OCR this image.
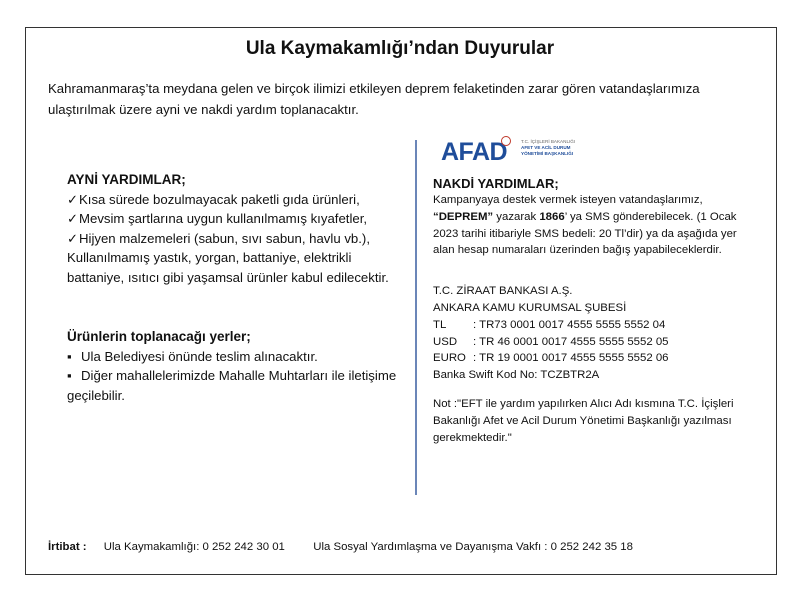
Ula Kaymakamlığı’ndan Duyurular
Kahramanmaraş’ta meydana gelen ve birçok ilimizi etkileyen deprem felaketinden zarar gören vatandaşlarımıza ulaştırılmak üzere ayni ve nakdi yardım toplanacaktır.
AYNİ YARDIMLAR;
✓Kısa sürede bozulmayacak paketli gıda ürünleri,
✓Mevsim şartlarına uygun kullanılmamış kıyafetler,
✓Hijyen malzemeleri (sabun, sıvı sabun, havlu vb.),
Kullanılmamış yastık, yorgan, battaniye, elektrikli battaniye, ısıtıcı gibi yaşamsal ürünler kabul edilecektir.
Ürünlerin toplanacağı yerler;
▪ Ula Belediyesi önünde teslim alınacaktır.
▪ Diğer mahallelerimizde Mahalle Muhtarları ile iletişime geçilebilir.
AFAD	T.C. İÇİŞLERİ BAKANLIĞI
AFET VE ACİL DURUM
YÖNETİMİ BAŞKANLIĞI
NAKDİ YARDIMLAR;
Kampanyaya destek vermek isteyen vatandaşlarımız,
“DEPREM” yazarak 1866’ ya SMS gönderebilecek. (1 Ocak 2023 tarihi itibariyle SMS bedeli: 20 Tl’dir) ya da aşağıda yer alan hesap numaraları üzerinden bağış yapabileceklerdir.
T.C. ZİRAAT BANKASI A.Ş.
ANKARA KAMU KURUMSAL ŞUBESİ
TL : TR73 0001 0017 4555 5555 5552 04
USD : TR 46 0001 0017 4555 5555 5552 05
EURO : TR 19 0001 0017 4555 5555 5552 06
Banka Swift Kod No: TCZBTR2A
Not :"EFT ile yardım yapılırken Alıcı Adı kısmına T.C. İçişleri Bakanlığı Afet ve Acil Durum Yönetimi Başkanlığı yazılması gerekmektedir."
İrtibat : Ula Kaymakamlığı: 0 252 242 30 01 Ula Sosyal Yardımlaşma ve Dayanışma Vakfı : 0 252 242 35 18
